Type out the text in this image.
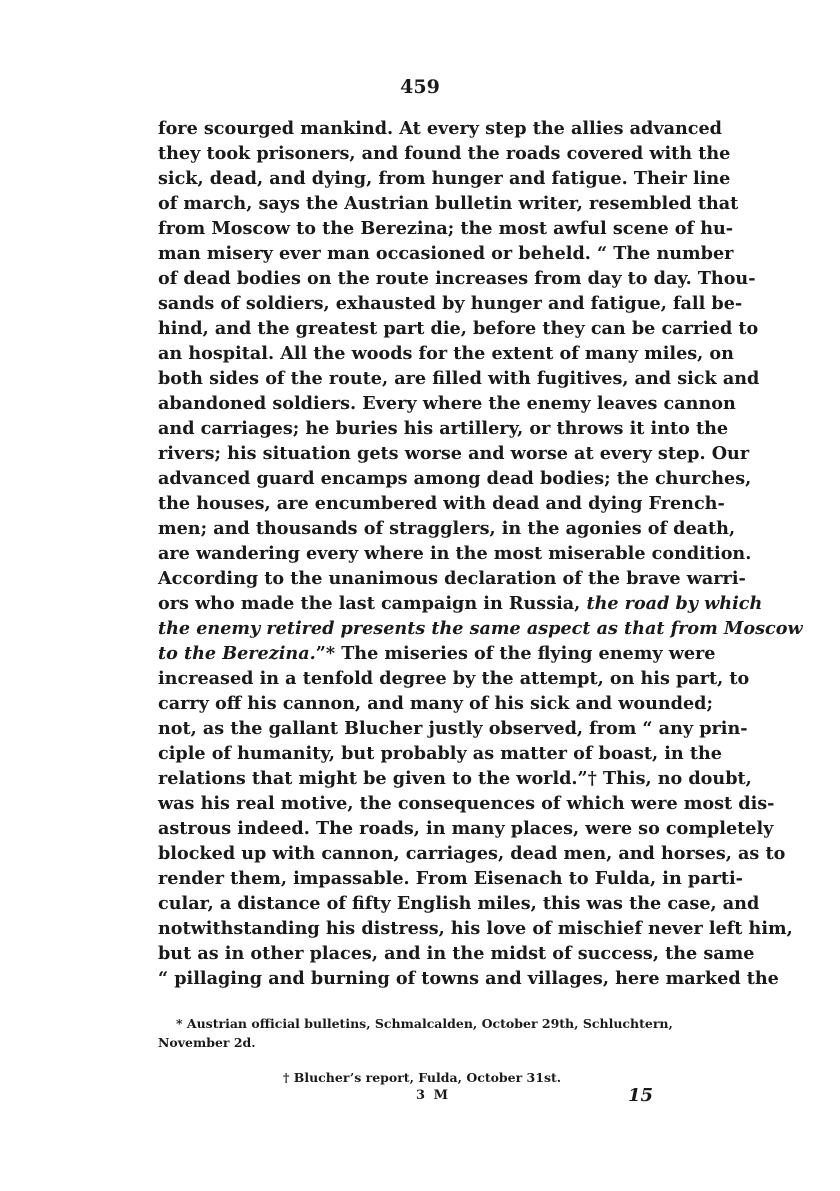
459
fore scourged mankind. At every step the allies advanced
they took prisoners, and found the roads covered with the
sick, dead, and dying, from hunger and fatigue. Their line
of march, says the Austrian bulletin writer, resembled that
from Moscow to the Berezina; the most awful scene of hu-
man misery ever man occasioned or beheld. “ The number
of dead bodies on the route increases from day to day. Thou-
sands of soldiers, exhausted by hunger and fatigue, fall be-
hind, and the greatest part die, before they can be carried to
an hospital. All the woods for the extent of many miles, on
both sides of the route, are filled with fugitives, and sick and
abandoned soldiers. Every where the enemy leaves cannon
and carriages; he buries his artillery, or throws it into the
rivers; his situation gets worse and worse at every step. Our
advanced guard encamps among dead bodies; the churches,
the houses, are encumbered with dead and dying French-
men; and thousands of stragglers, in the agonies of death,
are wandering every where in the most miserable condition.
According to the unanimous declaration of the brave warri-
ors who made the last campaign in Russia, the road by which
the enemy retired presents the same aspect as that from Moscow
to the Berezina.”* The miseries of the flying enemy were
increased in a tenfold degree by the attempt, on his part, to
carry off his cannon, and many of his sick and wounded;
not, as the gallant Blucher justly observed, from “ any prin-
ciple of humanity, but probably as matter of boast, in the
relations that might be given to the world.”† This, no doubt,
was his real motive, the consequences of which were most dis-
astrous indeed. The roads, in many places, were so completely
blocked up with cannon, carriages, dead men, and horses, as to
render them, impassable. From Eisenach to Fulda, in parti-
cular, a distance of fifty English miles, this was the case, and
notwithstanding his distress, his love of mischief never left him,
but as in other places, and in the midst of success, the same
“ pillaging and burning of towns and villages, here marked the
* Austrian official bulletins, Schmalcalden, October 29th, Schluchtern, November 2d.
† Blucher’s report, Fulda, October 31st.
3 M	15
